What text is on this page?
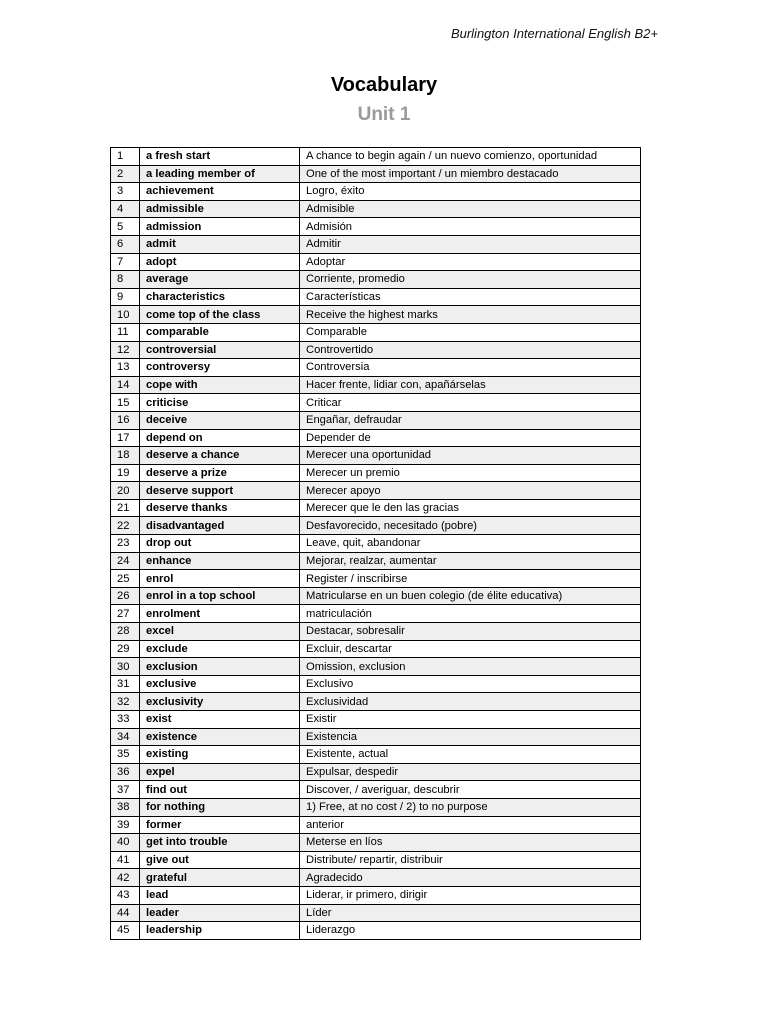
Burlington International English B2+
Vocabulary
Unit 1
1	a fresh start	A chance to begin again / un nuevo comienzo, oportunidad
2	a leading member of	One of the most important / un miembro destacado
3	achievement	Logro, éxito
4	admissible	Admisible
5	admission	Admisión
6	admit	Admitir
7	adopt	Adoptar
8	average	Corriente, promedio
9	characteristics	Características
10	come top of the class	Receive the highest marks
11	comparable	Comparable
12	controversial	Controvertido
13	controversy	Controversia
14	cope with	Hacer frente, lidiar con, apañárselas
15	criticise	Criticar
16	deceive	Engañar, defraudar
17	depend on	Depender de
18	deserve a chance	Merecer una oportunidad
19	deserve a prize	Merecer un premio
20	deserve support	Merecer apoyo
21	deserve thanks	Merecer que le den las gracias
22	disadvantaged	Desfavorecido, necesitado (pobre)
23	drop out	Leave, quit, abandonar
24	enhance	Mejorar, realzar, aumentar
25	enrol	Register / inscribirse
26	enrol in a top school	Matricularse en un buen colegio (de élite educativa)
27	enrolment	matriculación
28	excel	Destacar, sobresalir
29	exclude	Excluir, descartar
30	exclusion	Omission, exclusion
31	exclusive	Exclusivo
32	exclusivity	Exclusividad
33	exist	Existir
34	existence	Existencia
35	existing	Existente, actual
36	expel	Expulsar, despedir
37	find out	Discover, / averiguar, descubrir
38	for nothing	1) Free, at no cost / 2) to no purpose
39	former	anterior
40	get into trouble	Meterse en líos
41	give out	Distribute/ repartir, distribuir
42	grateful	Agradecido
43	lead	Liderar, ir primero, dirigir
44	leader	Líder
45	leadership	Liderazgo
